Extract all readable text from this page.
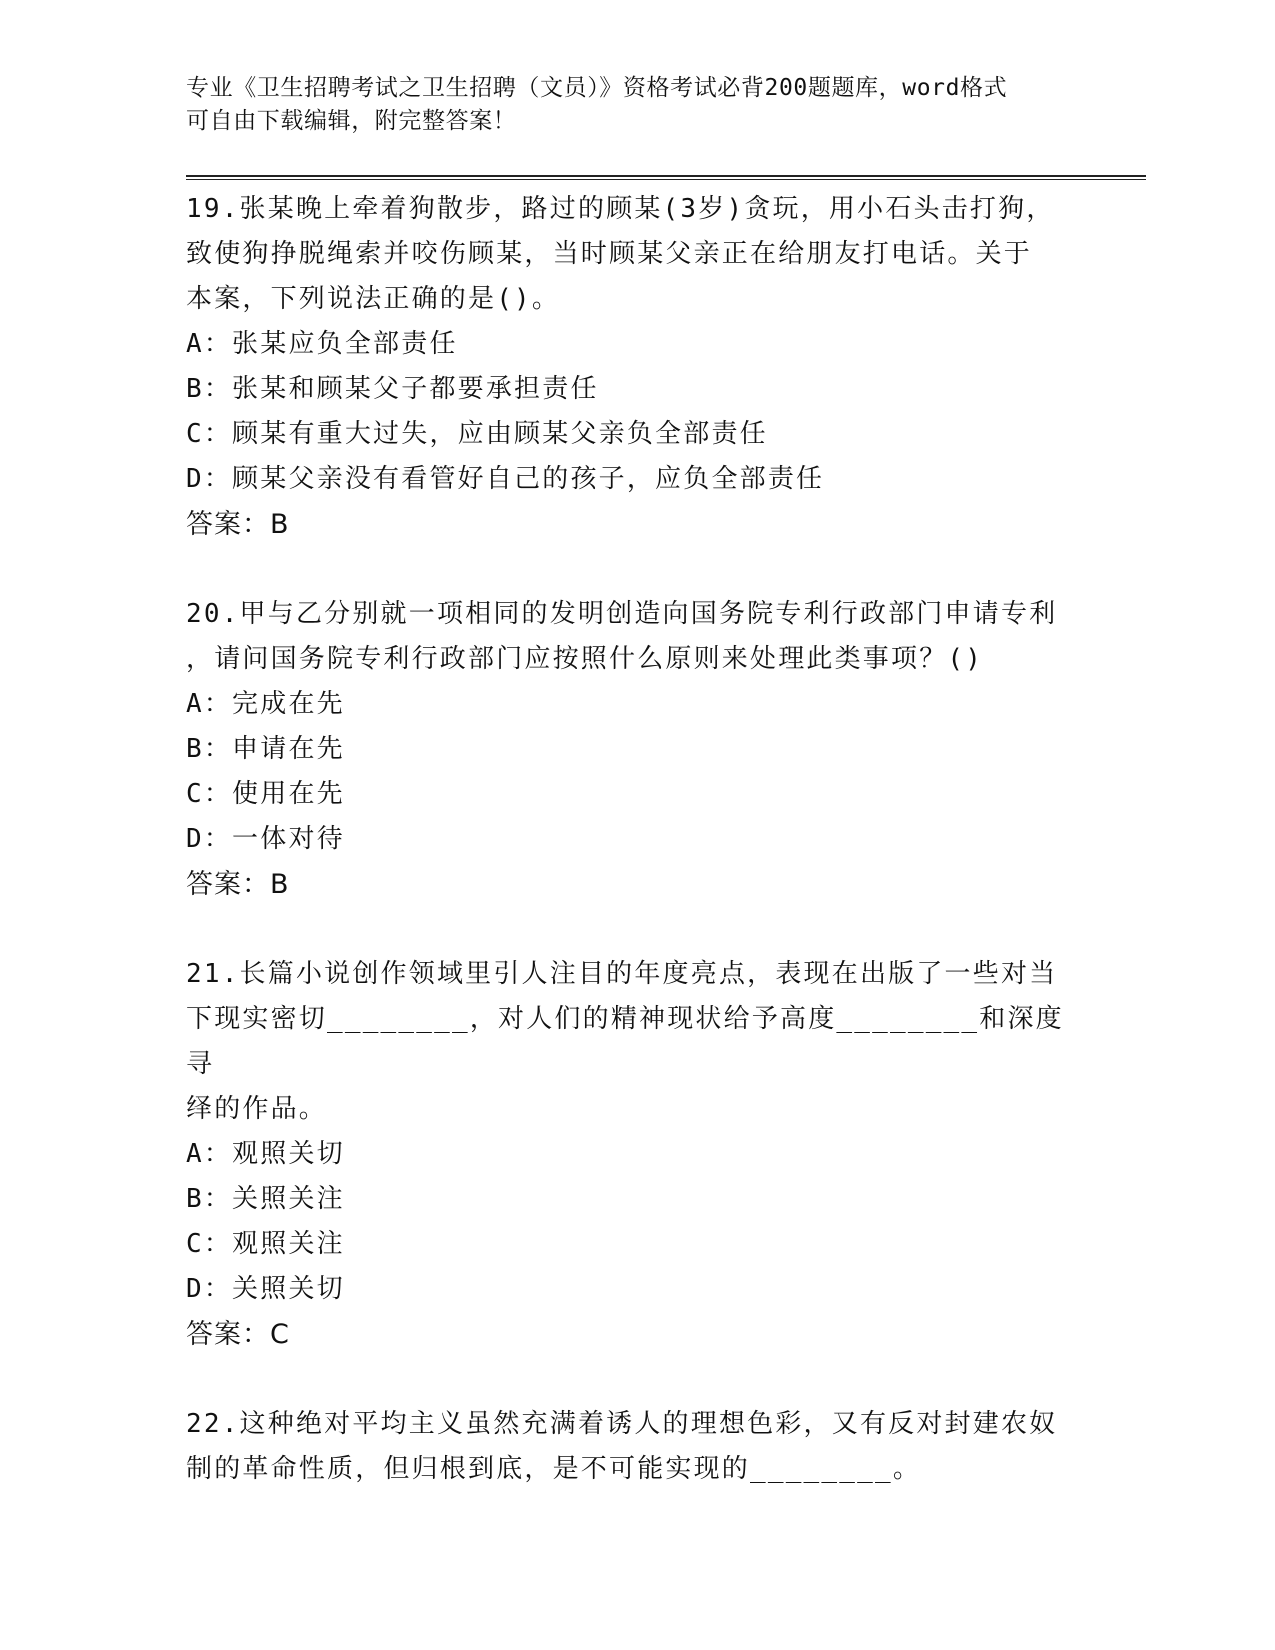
专业《卫生招聘考试之卫生招聘（文员）》资格考试必背200题题库，word格式

可自由下载编辑，附完整答案！

19.张某晚上牵着狗散步，路过的顾某(3岁)贪玩，用小石头击打狗，
致使狗挣脱绳索并咬伤顾某，当时顾某父亲正在给朋友打电话。关于
本案，下列说法正确的是()。

A：张某应负全部责任

B：张某和顾某父子都要承担责任

C：顾某有重大过失，应由顾某父亲负全部责任

D：顾某父亲没有看管好自己的孩子，应负全部责任

答案：B

20.甲与乙分别就一项相同的发明创造向国务院专利行政部门申请专利
，请问国务院专利行政部门应按照什么原则来处理此类事项？()

A：完成在先

B：申请在先

C：使用在先

D：一体对待

答案：B

21.长篇小说创作领域里引人注目的年度亮点，表现在出版了一些对当
下现实密切________，对人们的精神现状给予高度________和深度寻
绎的作品。

A：观照关切

B：关照关注

C：观照关注

D：关照关切

答案：C

22.这种绝对平均主义虽然充满着诱人的理想色彩，又有反对封建农奴
制的革命性质，但归根到底，是不可能实现的________。
